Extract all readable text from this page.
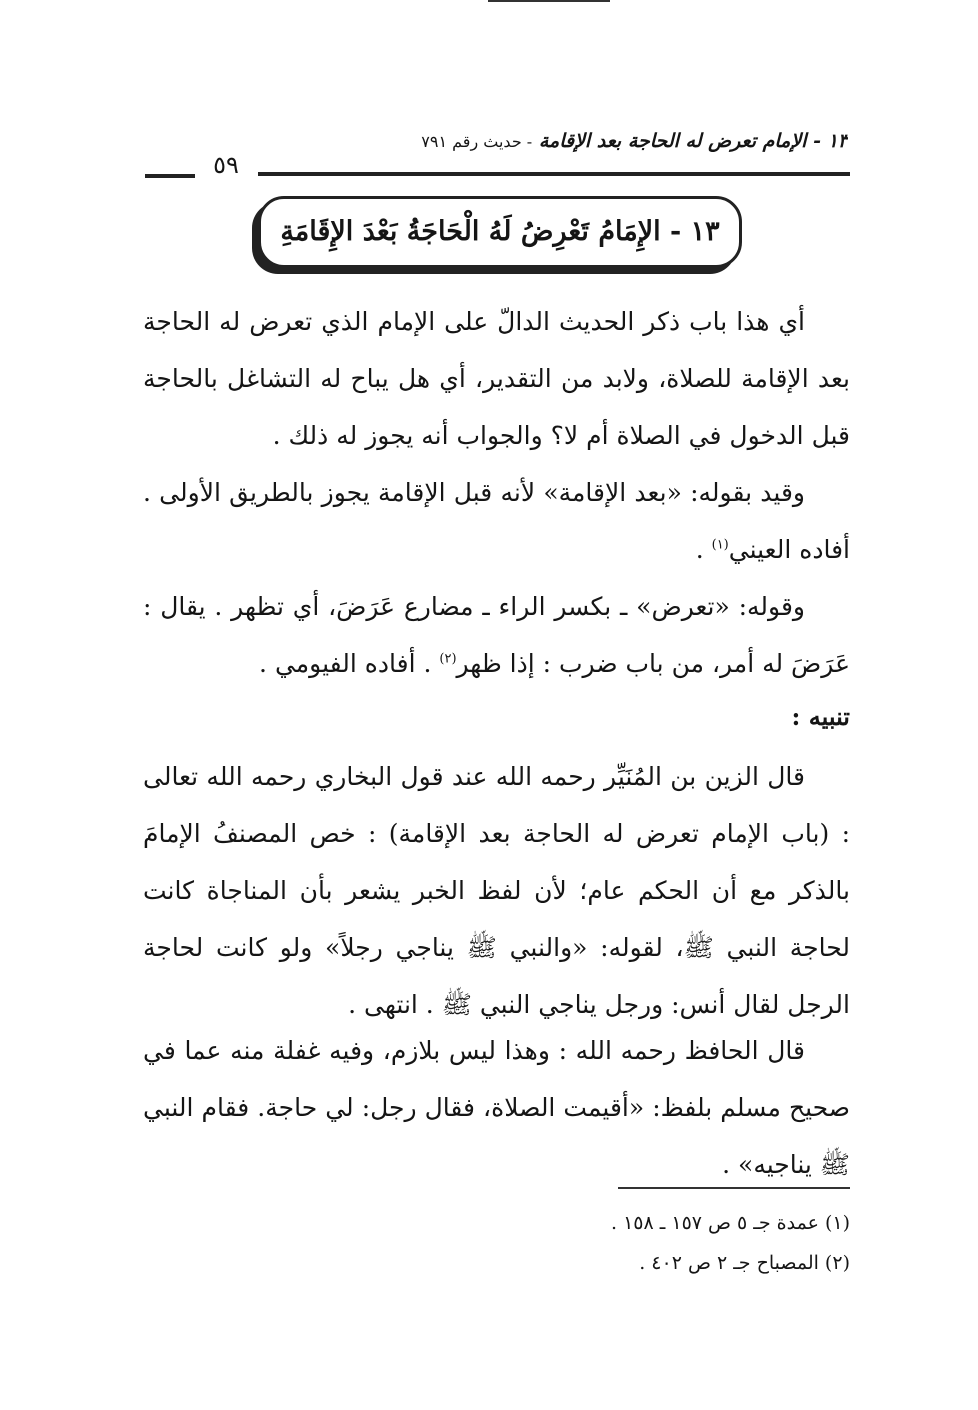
١٣ - الإمام تعرض له الحاجة بعد الإقامة - حديث رقم ٧٩١
٥٩
١٣ - الإِمَامُ تَعْرِضُ لَهُ الْحَاجَةُ بَعْدَ الإِقَامَةِ
أي هذا باب ذكر الحديث الدالّ على الإمام الذي تعرض له الحاجة بعد الإقامة للصلاة، ولابد من التقدير، أي هل يباح له التشاغل بالحاجة قبل الدخول في الصلاة أم لا؟ والجواب أنه يجوز له ذلك .
وقيد بقوله: «بعد الإقامة» لأنه قبل الإقامة يجوز بالطريق الأولى . أفاده العيني$^{(١)}$ .
وقوله: «تعرض» ـ بكسر الراء ـ مضارع عَرَضَ، أي تظهر . يقال : عَرَضَ له أمر، من باب ضرب : إذا ظهر$^{(٢)}$ . أفاده الفيومي .
تنبيه :
قال الزين بن المُنَيِّر رحمه الله عند قول البخاري رحمه الله تعالى : (باب الإمام تعرض له الحاجة بعد الإقامة) : خص المصنفُ الإمامَ بالذكر مع أن الحكم عام؛ لأن لفظ الخبر يشعر بأن المناجاة كانت لحاجة النبي ﷺ، لقوله: «والنبي ﷺ يناجي رجلاً» ولو كانت لحاجة الرجل لقال أنس: ورجل يناجي النبي ﷺ . انتهى .
قال الحافظ رحمه الله : وهذا ليس بلازم، وفيه غفلة منه عما في صحيح مسلم بلفظ: «أقيمت الصلاة، فقال رجل: لي حاجة. فقام النبي ﷺ يناجيه» .
(١) عمدة جـ ٥ ص ١٥٧ ـ ١٥٨ .
(٢) المصباح جـ ٢ ص ٤٠٢ .
